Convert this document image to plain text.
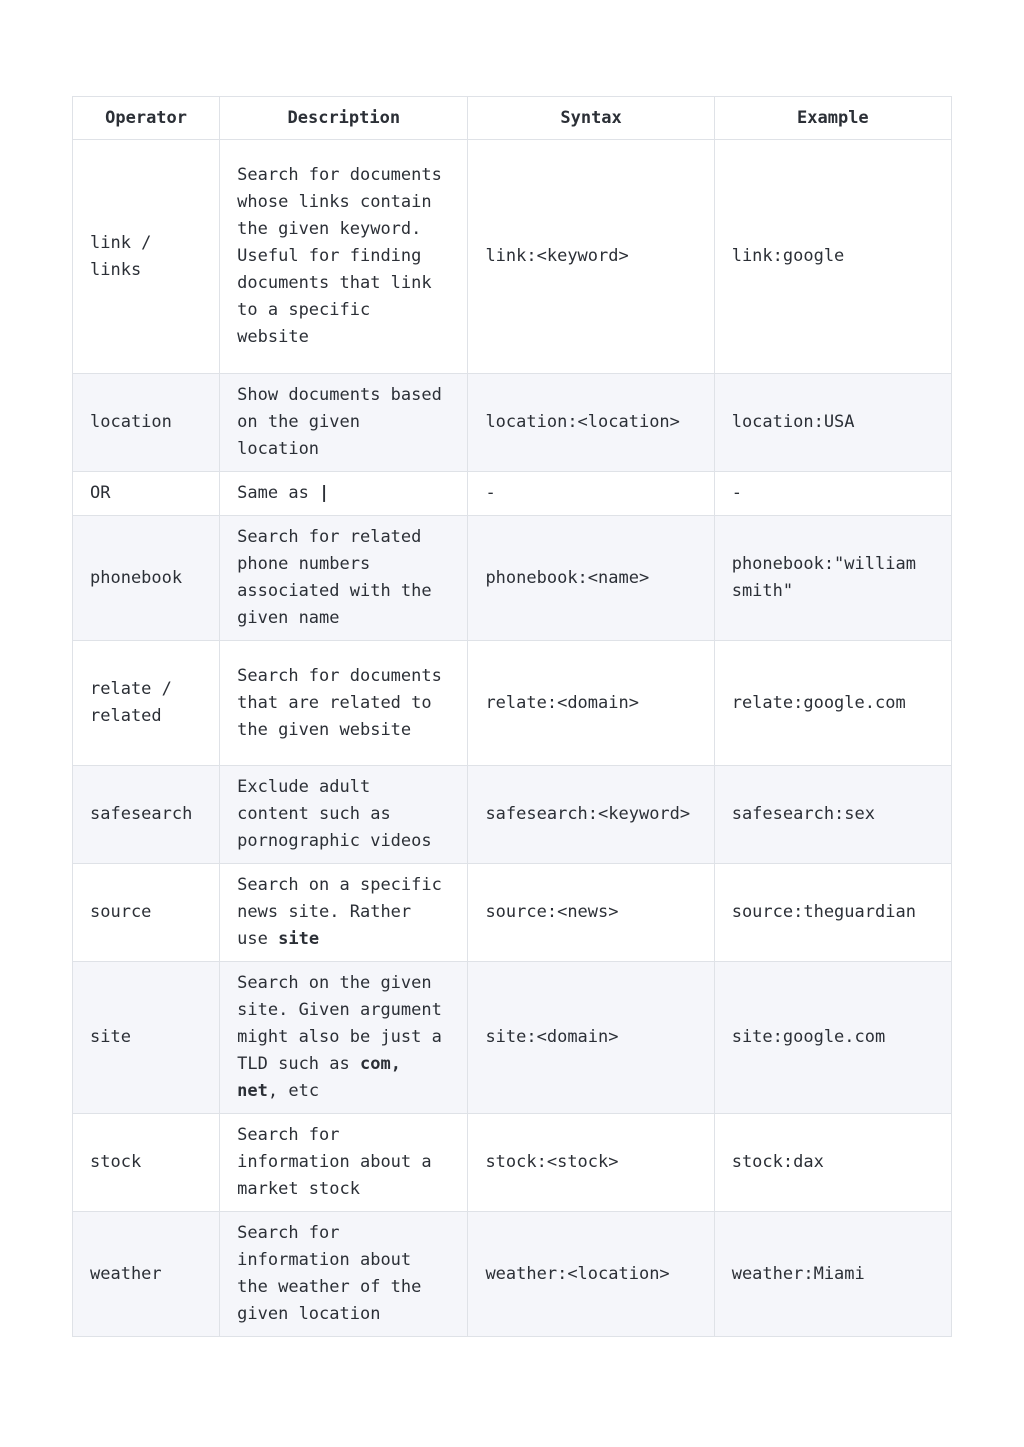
Operator	Description	Syntax	Example
link / links	Search for documents whose links contain the given keyword. Useful for finding documents that link to a specific website	link:<keyword>	link:google
location	Show documents based on the given location	location:<location>	location:USA
OR	Same as |	-	-
phonebook	Search for related phone numbers associated with the given name	phonebook:<name>	phonebook:"william smith"
relate / related	Search for documents that are related to the given website	relate:<domain>	relate:google.com
safesearch	Exclude adult content such as pornographic videos	safesearch:<keyword>	safesearch:sex
source	Search on a specific news site. Rather use site	source:<news>	source:theguardian
site	Search on the given site. Given argument might also be just a TLD such as com, net, etc	site:<domain>	site:google.com
stock	Search for information about a market stock	stock:<stock>	stock:dax
weather	Search for information about the weather of the given location	weather:<location>	weather:Miami
